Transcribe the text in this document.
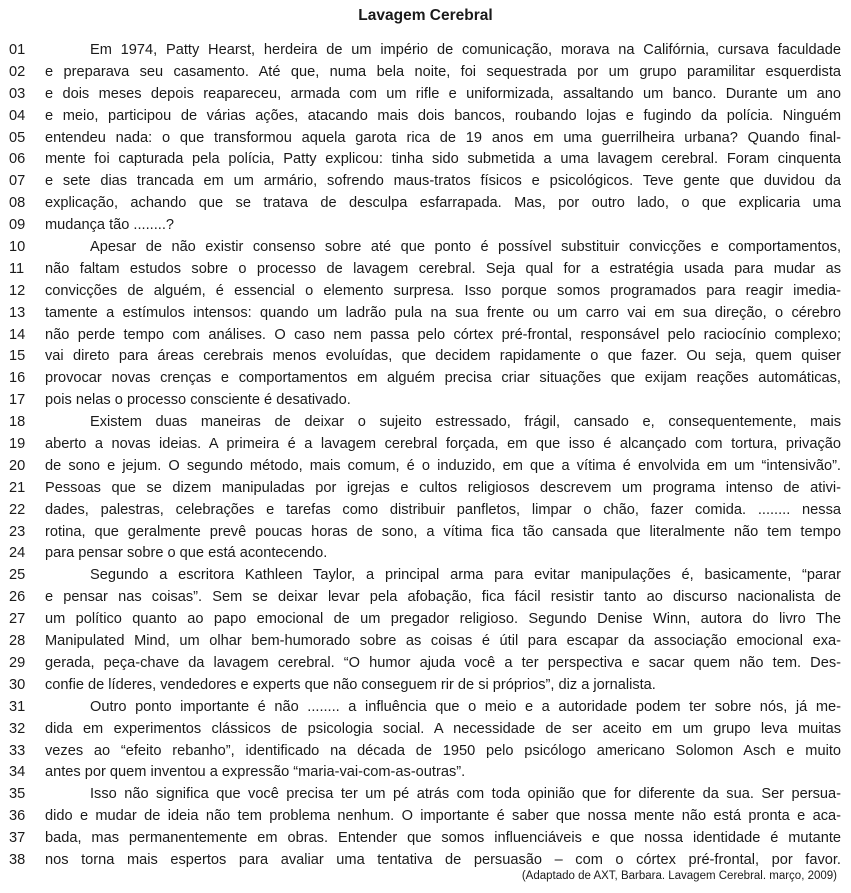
Lavagem Cerebral
01	Em 1974, Patty Hearst, herdeira de um império de comunicação, morava na Califórnia, cursava faculdade
02 e preparava seu casamento. Até que, numa bela noite, foi sequestrada por um grupo paramilitar esquerdista
03 e dois meses depois reapareceu, armada com um rifle e uniformizada, assaltando um banco. Durante um ano
04 e meio, participou de várias ações, atacando mais dois bancos, roubando lojas e fugindo da polícia. Ninguém
05 entendeu nada: o que transformou aquela garota rica de 19 anos em uma guerrilheira urbana? Quando final-
06 mente foi capturada pela polícia, Patty explicou: tinha sido submetida a uma lavagem cerebral. Foram cinquenta
07 e sete dias trancada em um armário, sofrendo maus-tratos físicos e psicológicos. Teve gente que duvidou da
08 explicação, achando que se tratava de desculpa esfarrapada. Mas, por outro lado, o que explicaria uma
09 mudança tão ........?
10	Apesar de não existir consenso sobre até que ponto é possível substituir convicções e comportamentos,
11 não faltam estudos sobre o processo de lavagem cerebral. Seja qual for a estratégia usada para mudar as
12 convicções de alguém, é essencial o elemento surpresa. Isso porque somos programados para reagir imedia-
13 tamente a estímulos intensos: quando um ladrão pula na sua frente ou um carro vai em sua direção, o cérebro
14 não perde tempo com análises. O caso nem passa pelo córtex pré-frontal, responsável pelo raciocínio complexo;
15 vai direto para áreas cerebrais menos evoluídas, que decidem rapidamente o que fazer. Ou seja, quem quiser
16 provocar novas crenças e comportamentos em alguém precisa criar situações que exijam reações automáticas,
17 pois nelas o processo consciente é desativado.
18	Existem duas maneiras de deixar o sujeito estressado, frágil, cansado e, consequentemente, mais
19 aberto a novas ideias. A primeira é a lavagem cerebral forçada, em que isso é alcançado com tortura, privação
20 de sono e jejum. O segundo método, mais comum, é o induzido, em que a vítima é envolvida em um “intensivão”.
21 Pessoas que se dizem manipuladas por igrejas e cultos religiosos descrevem um programa intenso de ativi-
22 dades, palestras, celebrações e tarefas como distribuir panfletos, limpar o chão, fazer comida. ........ nessa
23 rotina, que geralmente prevê poucas horas de sono, a vítima fica tão cansada que literalmente não tem tempo
24 para pensar sobre o que está acontecendo.
25	Segundo a escritora Kathleen Taylor, a principal arma para evitar manipulações é, basicamente, “parar
26 e pensar nas coisas”. Sem se deixar levar pela afobação, fica fácil resistir tanto ao discurso nacionalista de
27 um político quanto ao papo emocional de um pregador religioso. Segundo Denise Winn, autora do livro The
28 Manipulated Mind, um olhar bem-humorado sobre as coisas é útil para escapar da associação emocional exa-
29 gerada, peça-chave da lavagem cerebral. “O humor ajuda você a ter perspectiva e sacar quem não tem. Des-
30 confie de líderes, vendedores e experts que não conseguem rir de si próprios”, diz a jornalista.
31	Outro ponto importante é não ........ a influência que o meio e a autoridade podem ter sobre nós, já me-
32 dida em experimentos clássicos de psicologia social. A necessidade de ser aceito em um grupo leva muitas
33 vezes ao “efeito rebanho”, identificado na década de 1950 pelo psicólogo americano Solomon Asch e muito
34 antes por quem inventou a expressão “maria-vai-com-as-outras”.
35	Isso não significa que você precisa ter um pé atrás com toda opinião que for diferente da sua. Ser persua-
36 dido e mudar de ideia não tem problema nenhum. O importante é saber que nossa mente não está pronta e aca-
37 bada, mas permanentemente em obras. Entender que somos influenciáveis e que nossa identidade é mutante
38 nos torna mais espertos para avaliar uma tentativa de persuasão – com o córtex pré-frontal, por favor.
(Adaptado de AXT, Barbara. Lavagem Cerebral. março, 2009)
